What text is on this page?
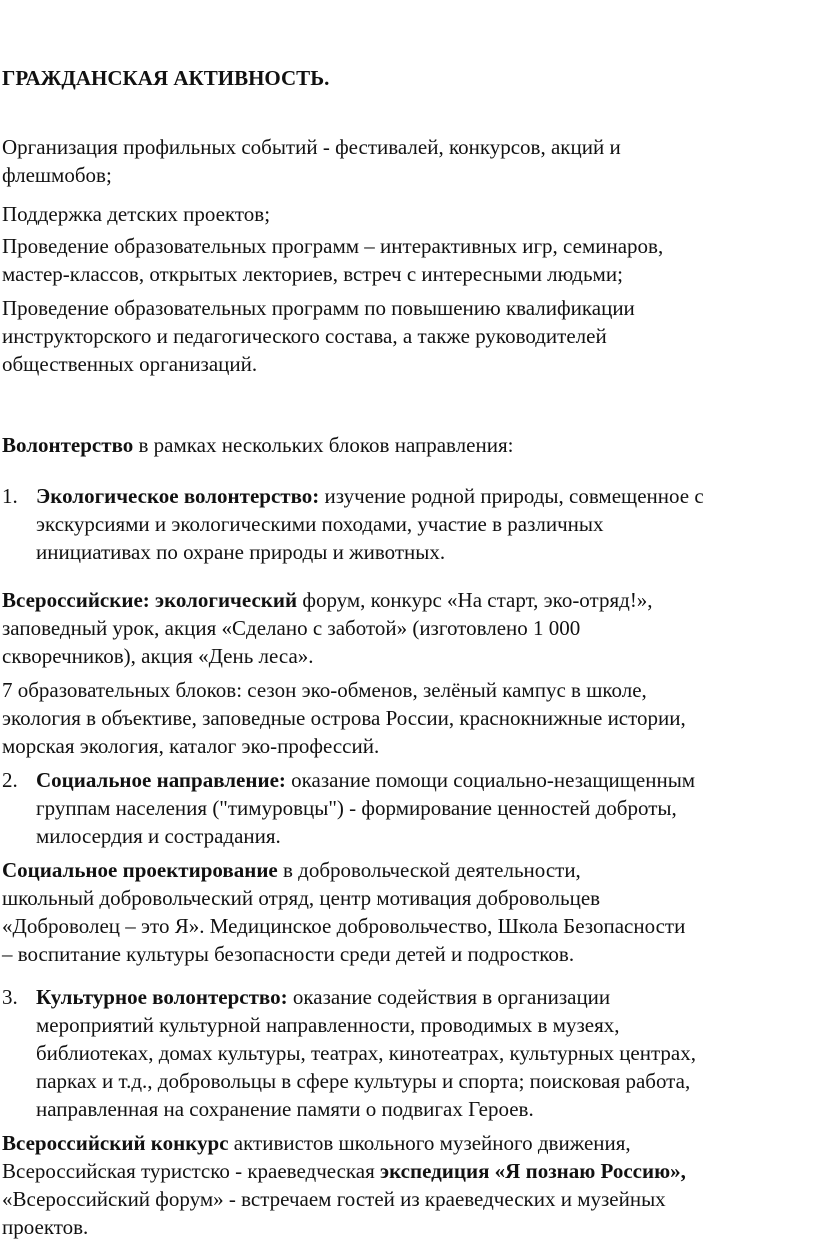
ГРАЖДАНСКАЯ АКТИВНОСТЬ.

Организация профильных событий - фестивалей, конкурсов, акций и

флешмобов;

Поддержка детских проектов;

Проведение образовательных программ – интерактивных игр, семинаров,

мастер-классов, открытых лекториев, встреч с интересными людьми;

Проведение образовательных программ по повышению квалификации

инструкторского и педагогического состава, а также руководителей

общественных организаций.

Волонтерство в рамках нескольких блоков направления:

1. Экологическое волонтерство: изучение родной природы, совмещенное с

экскурсиями и экологическими походами, участие в различных

инициативах по охране природы и животных.

Всероссийские: экологический форум, конкурс «На старт, эко-отряд!»,

заповедный урок, акция «Сделано с заботой» (изготовлено 1 000

скворечников), акция «День леса».

7 образовательных блоков: сезон эко-обменов, зелёный кампус в школе,

экология в объективе, заповедные острова России, краснокнижные истории,

морская экология, каталог эко-профессий.

2. Социальное направление: оказание помощи социально-незащищенным

группам населения ("тимуровцы") - формирование ценностей доброты,

милосердия и сострадания.

Социальное проектирование в добровольческой деятельности,

школьный добровольческий отряд, центр мотивация добровольцев

«Доброволец – это Я». Медицинское добровольчество, Школа Безопасности

– воспитание культуры безопасности среди детей и подростков.

3. Культурное волонтерство: оказание содействия в организации

мероприятий культурной направленности, проводимых в музеях,

библиотеках, домах культуры, театрах, кинотеатрах, культурных центрах,

парках и т.д., добровольцы в сфере культуры и спорта; поисковая работа,

направленная на сохранение памяти о подвигах Героев.

Всероссийский конкурс активистов школьного музейного движения,

Всероссийская туристско - краеведческая экспедиция «Я познаю Россию»,

«Всероссийский форум» - встречаем гостей из краеведческих и музейных

проектов.
